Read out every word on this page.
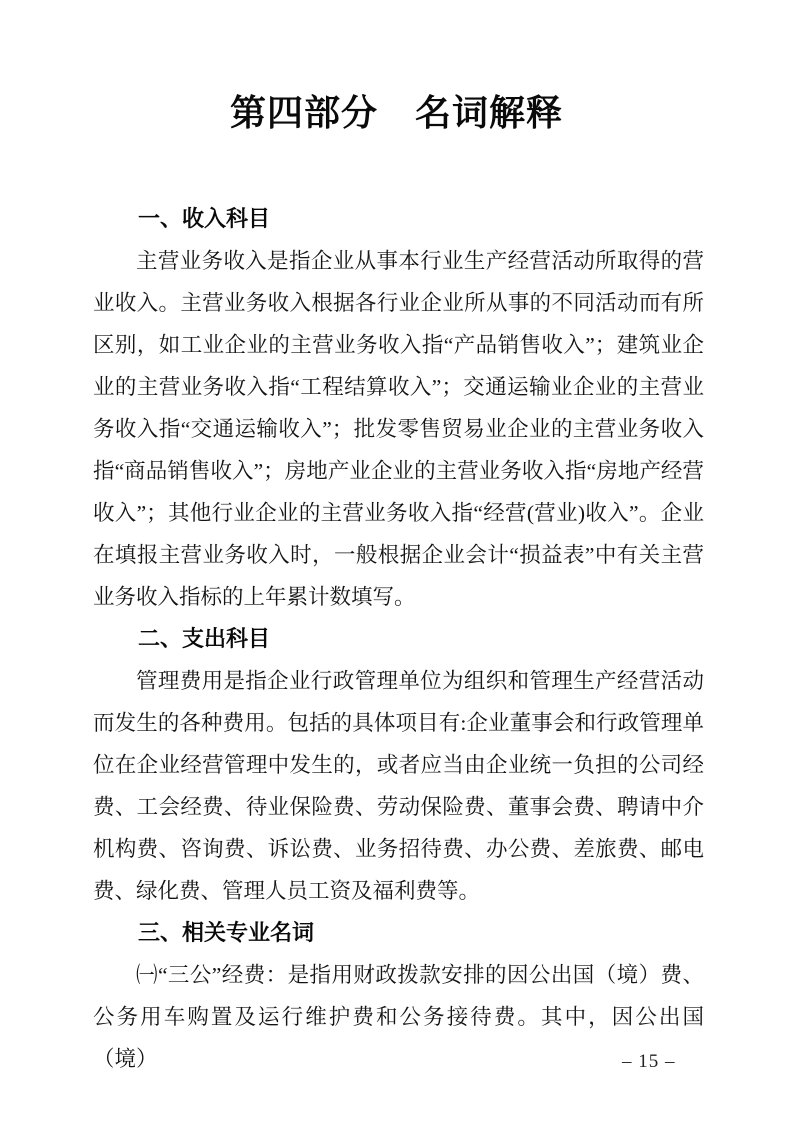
第四部分　名词解释
一、收入科目

主营业务收入是指企业从事本行业生产经营活动所取得的营业收入。主营业务收入根据各行业企业所从事的不同活动而有所区别，如工业企业的主营业务收入指“产品销售收入”；建筑业企业的主营业务收入指“工程结算收入”；交通运输业企业的主营业务收入指“交通运输收入”；批发零售贸易业企业的主营业务收入指“商品销售收入”；房地产业企业的主营业务收入指“房地产经营收入”；其他行业企业的主营业务收入指“经营(营业)收入”。企业在填报主营业务收入时，一般根据企业会计“损益表”中有关主营业务收入指标的上年累计数填写。

二、支出科目

管理费用是指企业行政管理单位为组织和管理生产经营活动而发生的各种费用。包括的具体项目有:企业董事会和行政管理单位在企业经营管理中发生的，或者应当由企业统一负担的公司经费、工会经费、待业保险费、劳动保险费、董事会费、聘请中介机构费、咨询费、诉讼费、业务招待费、办公费、差旅费、邮电费、绿化费、管理人员工资及福利费等。

三、相关专业名词

㈠“三公”经费：是指用财政拨款安排的因公出国（境）费、公务用车购置及运行维护费和公务接待费。其中，因公出国（境）	– 15 –
